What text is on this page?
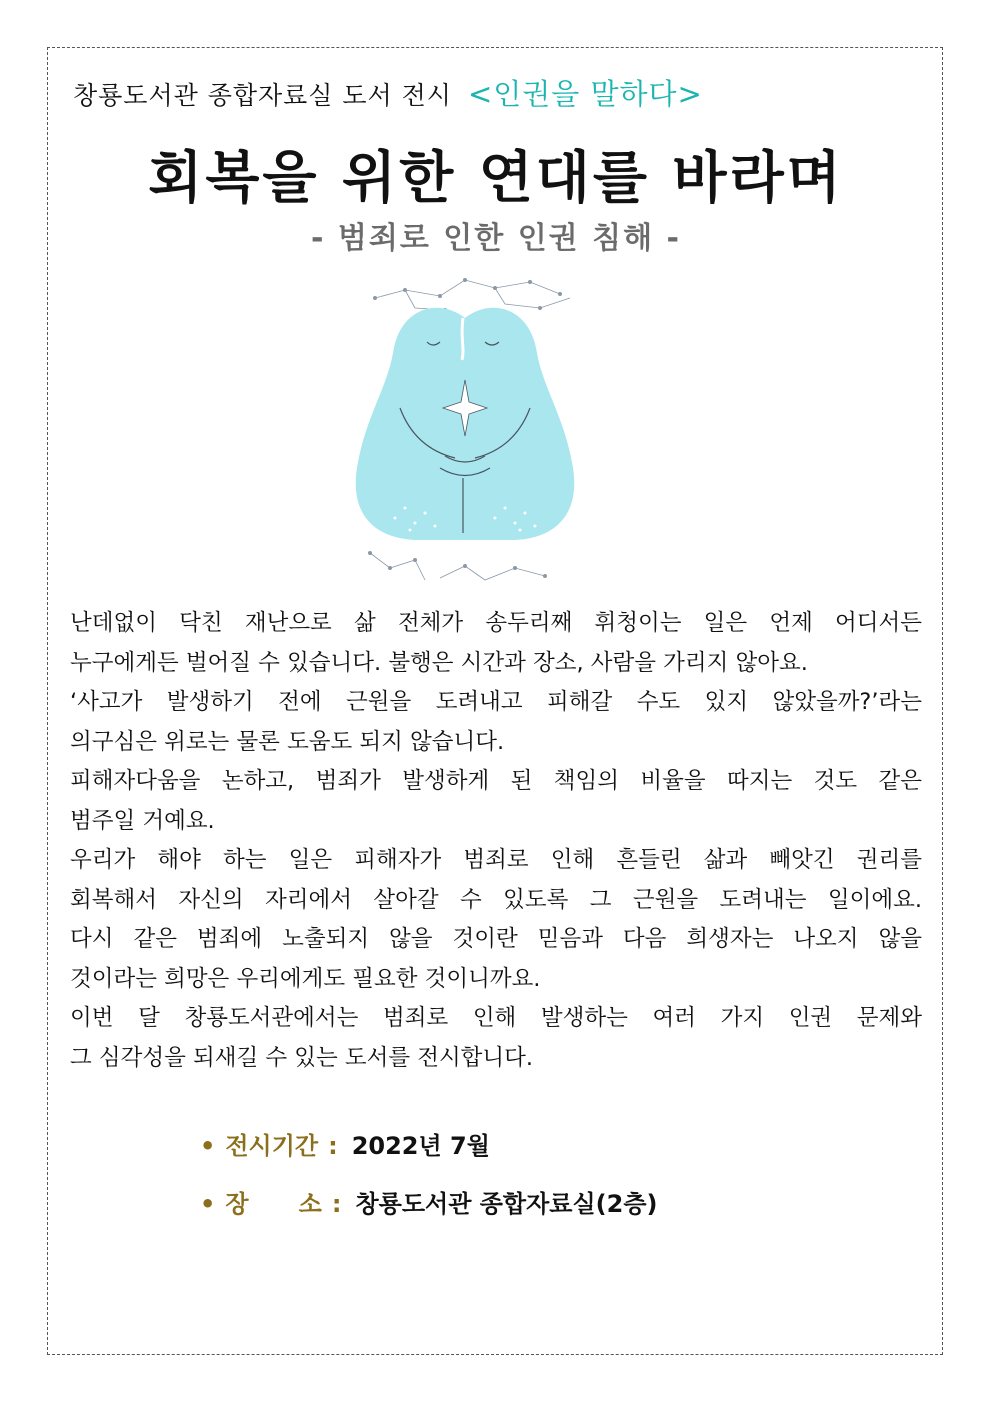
창룡도서관 종합자료실 도서 전시 <인권을 말하다>
회복을 위한 연대를 바라며
- 범죄로 인한 인권 침해 -

난데없이 닥친 재난으로 삶 전체가 송두리째 휘청이는 일은 언제 어디서든

누구에게든 벌어질 수 있습니다. 불행은 시간과 장소, 사람을 가리지 않아요.

‘사고가 발생하기 전에 근원을 도려내고 피해갈 수도 있지 않았을까?’라는

의구심은 위로는 물론 도움도 되지 않습니다.

피해자다움을 논하고, 범죄가 발생하게 된 책임의 비율을 따지는 것도 같은

범주일 거예요.

우리가 해야 하는 일은 피해자가 범죄로 인해 흔들린 삶과 빼앗긴 권리를

회복해서 자신의 자리에서 살아갈 수 있도록 그 근원을 도려내는 일이에요.

다시 같은 범죄에 노출되지 않을 것이란 믿음과 다음 희생자는 나오지 않을

것이라는 희망은 우리에게도 필요한 것이니까요.

이번 달 창룡도서관에서는 범죄로 인해 발생하는 여러 가지 인권 문제와

그 심각성을 되새길 수 있는 도서를 전시합니다.

• 전시기간 : 2022년 7월
• 장      소 : 창룡도서관 종합자료실(2층)
